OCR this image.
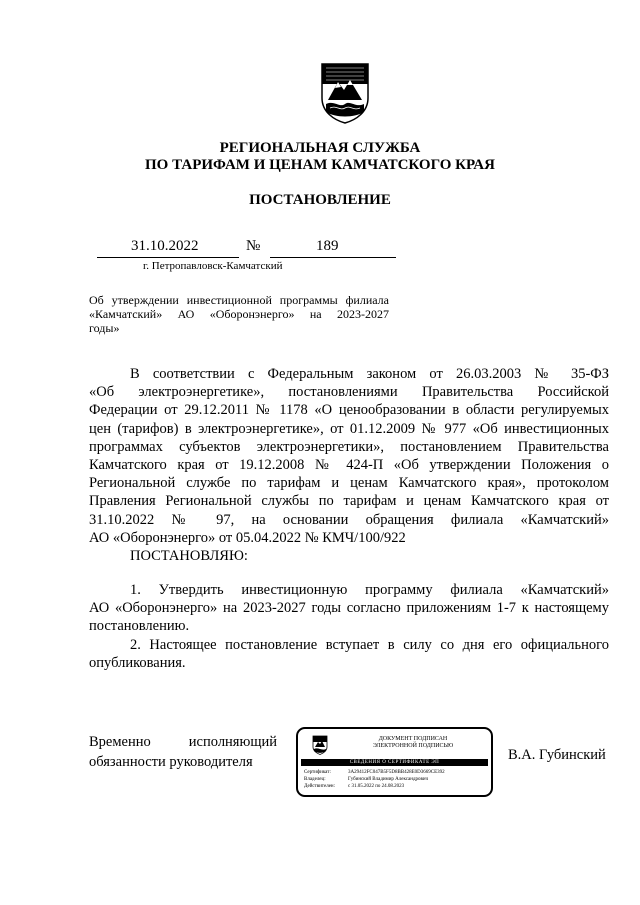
РЕГИОНАЛЬНАЯ СЛУЖБА
ПО ТАРИФАМ И ЦЕНАМ КАМЧАТСКОГО КРАЯ
ПОСТАНОВЛЕНИЕ
31.10.2022	№	189
г. Петропавловск-Камчатский
Об утверждении инвестиционной программы филиала
«Камчатский» АО «Оборонэнерго» на 2023-2027
годы»
В соответствии с Федеральным законом от 26.03.2003 № 35-ФЗ
«Об электроэнергетике», постановлениями Правительства Российской
Федерации от 29.12.2011 № 1178 «О ценообразовании в области регулируемых
цен (тарифов) в электроэнергетике», от 01.12.2009 № 977 «Об инвестиционных
программах субъектов электроэнергетики», постановлением Правительства
Камчатского края от 19.12.2008 № 424-П «Об утверждении Положения о
Региональной службе по тарифам и ценам Камчатского края», протоколом
Правления Региональной службы по тарифам и ценам Камчатского края от
31.10.2022 № 97, на основании обращения филиала «Камчатский»
АО «Оборонэнерго» от 05.04.2022 № КМЧ/100/922
ПОСТАНОВЛЯЮ:
1. Утвердить инвестиционную программу филиала «Камчатский»
АО «Оборонэнерго» на 2023-2027 годы согласно приложениям 1-7 к настоящему
постановлению.
2. Настоящее постановление вступает в силу со дня его официального
опубликования.
Временно исполняющий
обязанности руководителя
ДОКУМЕНТ ПОДПИСАН
ЭЛЕКТРОННОЙ ПОДПИСЬЮ
СВЕДЕНИЯ О СЕРТИФИКАТЕ ЭП
Сертификат:	3A29412FC047B5F5D8BB428E0D3669CE392
Владелец:	Губинский Владимир Александрович
Действителен:	с 31.05.2022 по 24.08.2023
В.А. Губинский
